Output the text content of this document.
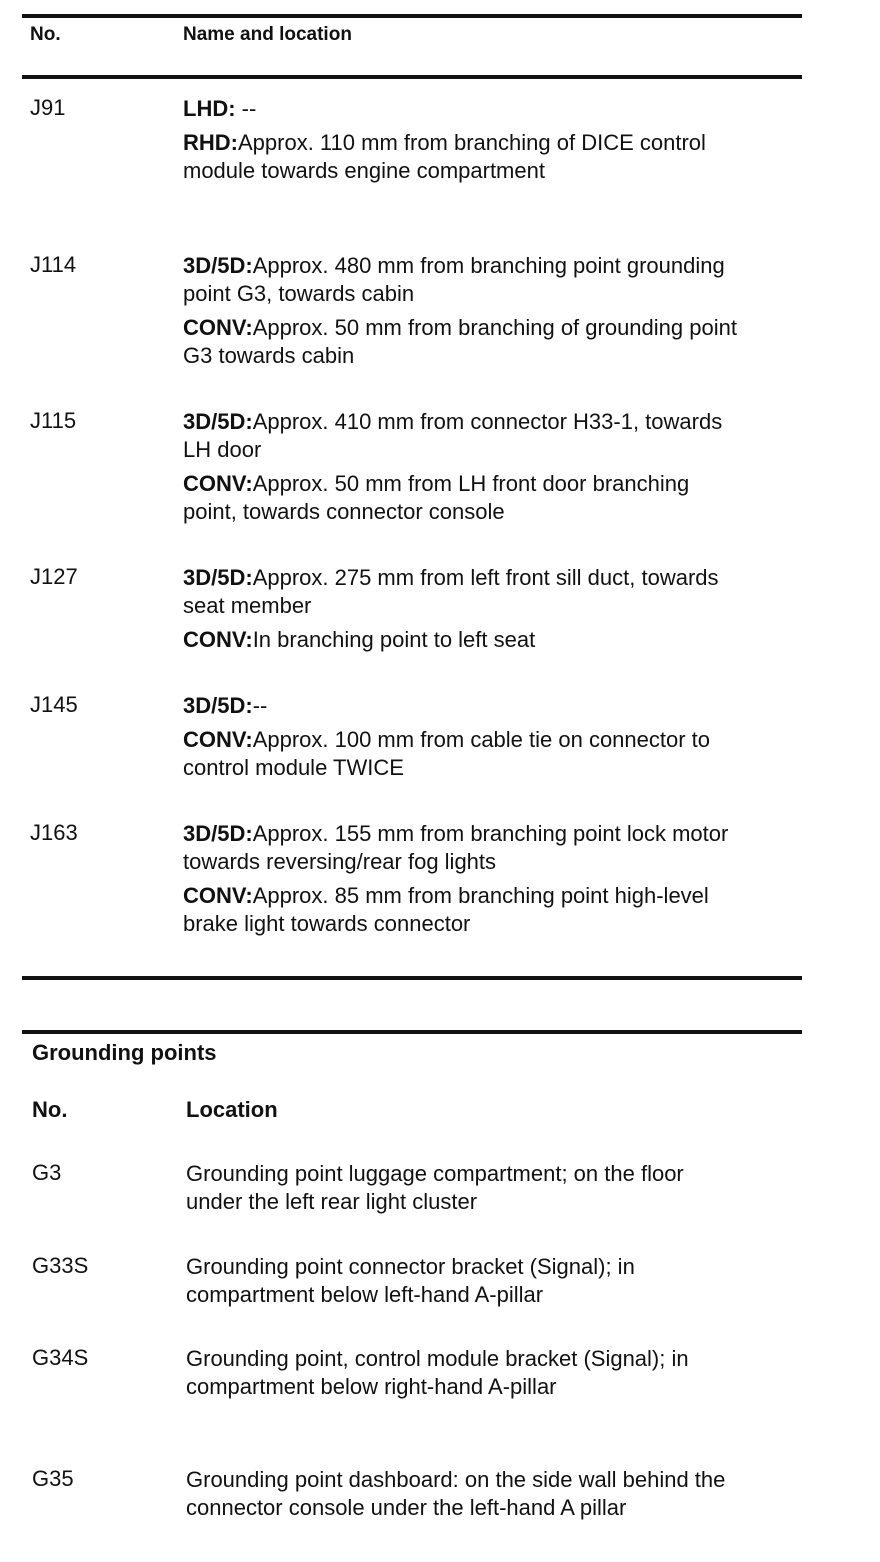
No.	Name and location
J91	LHD: --

RHD:Approx. 110 mm from branching of DICE control module towards engine compartment

J114	3D/5D:Approx. 480 mm from branching point grounding point G3, towards cabin

CONV:Approx. 50 mm from branching of grounding point G3 towards cabin

J115	3D/5D:Approx. 410 mm from connector H33-1, towards LH door

CONV:Approx. 50 mm from LH front door branching point, towards connector console

J127	3D/5D:Approx. 275 mm from left front sill duct, towards seat member

CONV:In branching point to left seat

J145	3D/5D:--

CONV:Approx. 100 mm from cable tie on connector to control module TWICE

J163	3D/5D:Approx. 155 mm from branching point lock motor towards reversing/rear fog lights

CONV:Approx. 85 mm from branching point high-level brake light towards connector

Grounding points
No.	Location
G3	Grounding point luggage compartment; on the floor under the left rear light cluster
G33S	Grounding point connector bracket (Signal); in compartment below left-hand A-pillar
G34S	Grounding point, control module bracket (Signal); in compartment below right-hand A-pillar
G35	Grounding point dashboard: on the side wall behind the connector console under the left-hand A pillar
